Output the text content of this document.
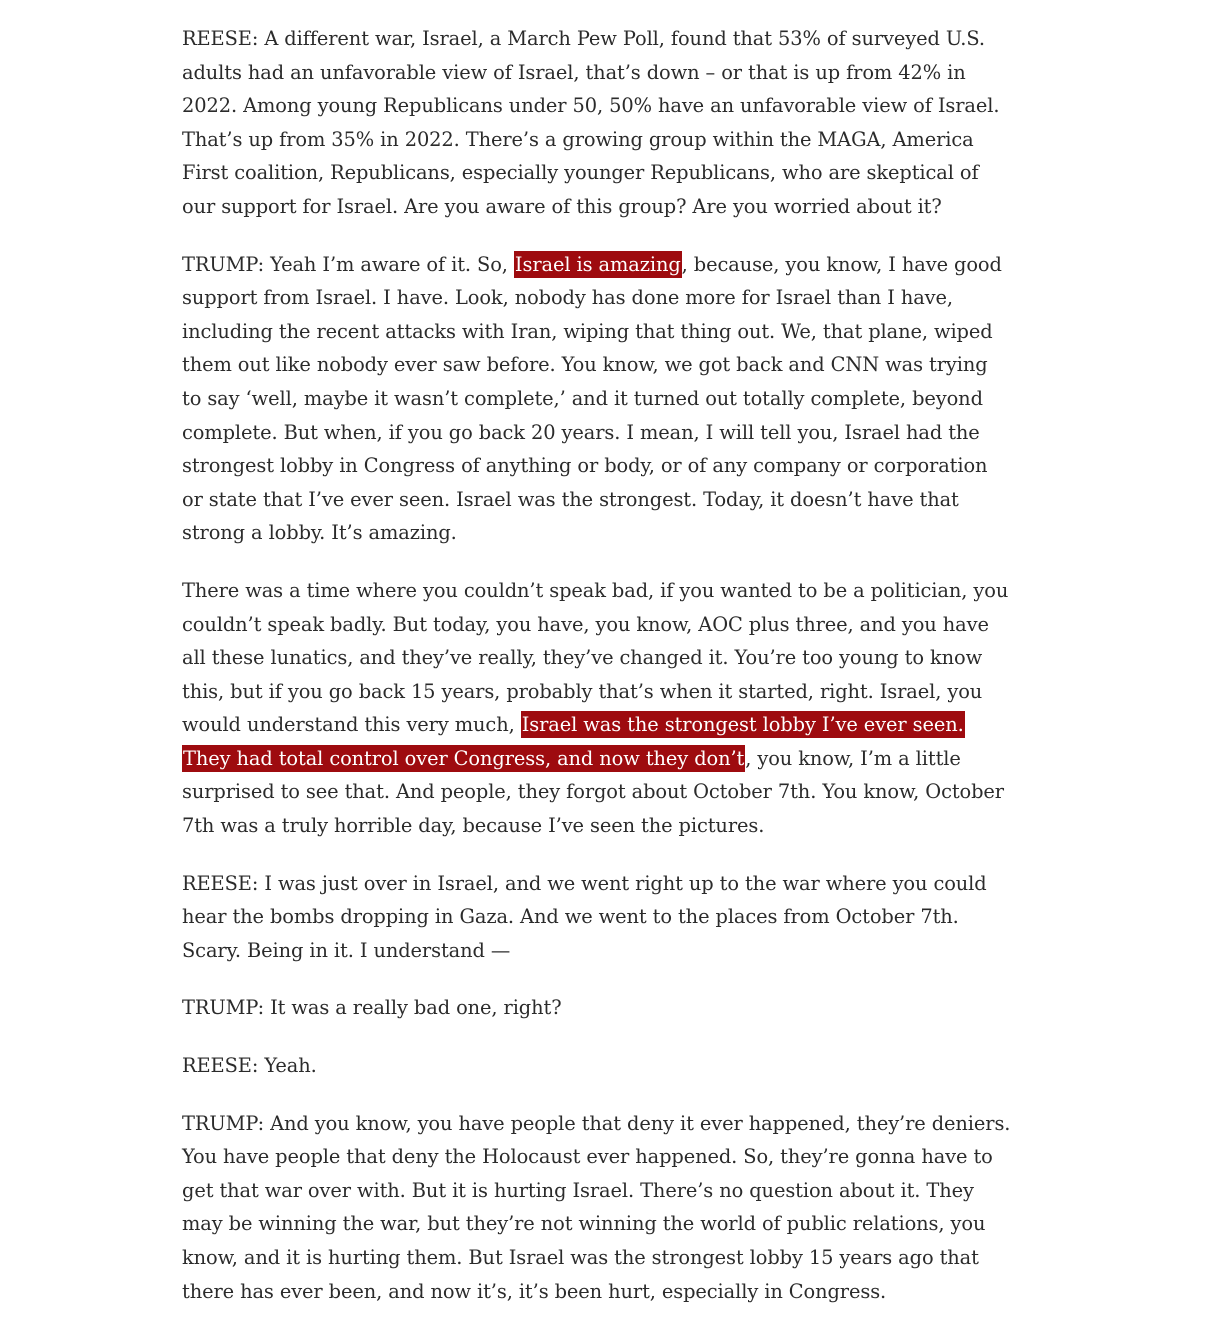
REESE: A different war, Israel, a March Pew Poll, found that 53% of surveyed U.S. adults had an unfavorable view of Israel, that’s down – or that is up from 42% in 2022. Among young Republicans under 50, 50% have an unfavorable view of Israel. That’s up from 35% in 2022. There’s a growing group within the MAGA, America First coalition, Republicans, especially younger Republicans, who are skeptical of our support for Israel. Are you aware of this group? Are you worried about it?

TRUMP: Yeah I’m aware of it. So, Israel is amazing, because, you know, I have good support from Israel. I have. Look, nobody has done more for Israel than I have, including the recent attacks with Iran, wiping that thing out. We, that plane, wiped them out like nobody ever saw before. You know, we got back and CNN was trying to say ‘well, maybe it wasn’t complete,’ and it turned out totally complete, beyond complete. But when, if you go back 20 years. I mean, I will tell you, Israel had the strongest lobby in Congress of anything or body, or of any company or corporation or state that I’ve ever seen. Israel was the strongest. Today, it doesn’t have that strong a lobby. It’s amazing.

There was a time where you couldn’t speak bad, if you wanted to be a politician, you couldn’t speak badly. But today, you have, you know, AOC plus three, and you have all these lunatics, and they’ve really, they’ve changed it. You’re too young to know this, but if you go back 15 years, probably that’s when it started, right. Israel, you would understand this very much, Israel was the strongest lobby I’ve ever seen. They had total control over Congress, and now they don’t, you know, I’m a little surprised to see that. And people, they forgot about October 7th. You know, October 7th was a truly horrible day, because I’ve seen the pictures.

REESE: I was just over in Israel, and we went right up to the war where you could hear the bombs dropping in Gaza. And we went to the places from October 7th. Scary. Being in it. I understand —

TRUMP: It was a really bad one, right?

REESE: Yeah.

TRUMP: And you know, you have people that deny it ever happened, they’re deniers. You have people that deny the Holocaust ever happened. So, they’re gonna have to get that war over with. But it is hurting Israel. There’s no question about it. They may be winning the war, but they’re not winning the world of public relations, you know, and it is hurting them. But Israel was the strongest lobby 15 years ago that there has ever been, and now it’s, it’s been hurt, especially in Congress.
